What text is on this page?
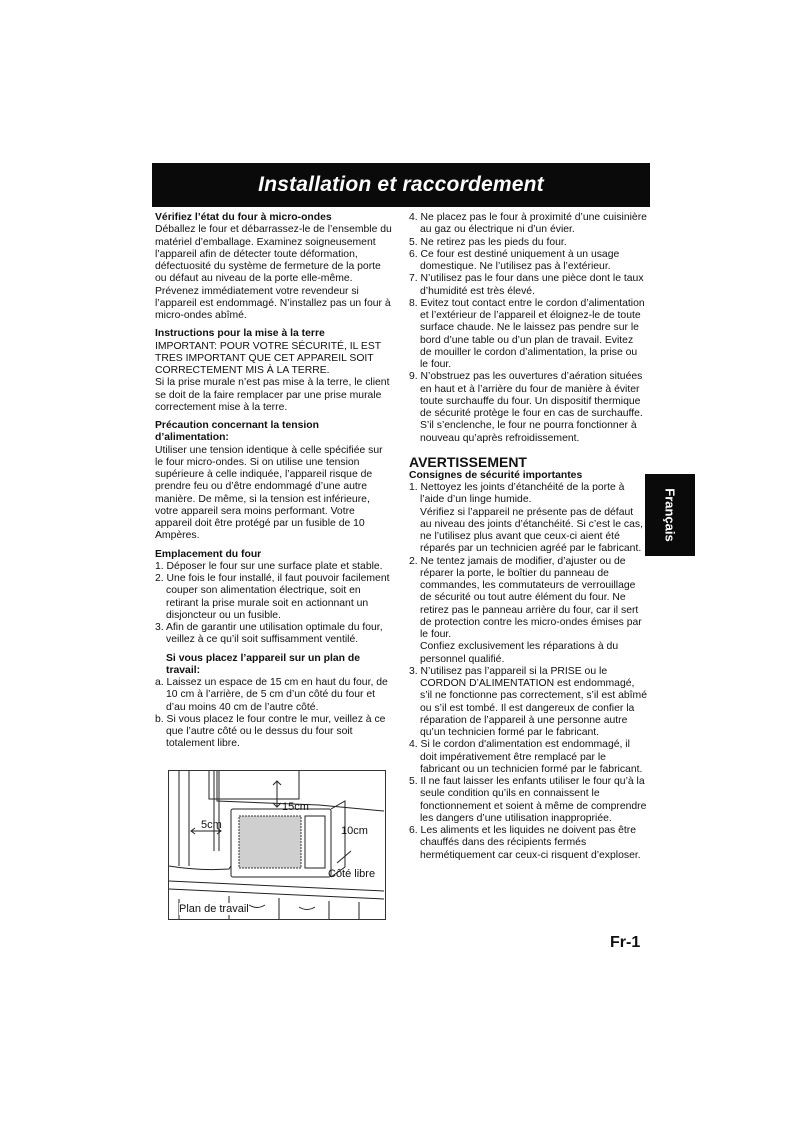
Installation et raccordement

Vérifiez l’état du four à micro-ondes

Déballez le four et débarrassez-le de l’ensemble du matériel d’emballage. Examinez soigneusement l’appareil afin de détecter toute déformation, défectuosité du système de fermeture de la porte ou défaut au niveau de la porte elle-même. Prévenez immédiatement votre revendeur si l’appareil est endommagé. N’installez pas un four à micro-ondes abîmé.

Instructions pour la mise à la terre

IMPORTANT: POUR VOTRE SÉCURITÉ, IL EST TRES IMPORTANT QUE CET APPAREIL SOIT CORRECTEMENT MIS À LA TERRE.

Si la prise murale n’est pas mise à la terre, le client se doit de la faire remplacer par une prise murale correctement mise à la terre.

Précaution concernant la tension d’alimentation:

Utiliser une tension identique à celle spécifiée sur le four micro-ondes. Si on utilise une tension supérieure à celle indiquée, l’appareil risque de prendre feu ou d’être endommagé d’une autre manière. De même, si la tension est inférieure, votre appareil sera moins performant. Votre appareil doit être protégé par un fusible de 10 Ampères.

Emplacement du four

1. Déposer le four sur une surface plate et stable.

2. Une fois le four installé, il faut pouvoir facilement couper son alimentation électrique, soit en retirant la prise murale soit en actionnant un disjoncteur ou un fusible.

3. Afin de garantir une utilisation optimale du four, veillez à ce qu’il soit suffisamment ventilé.

Si vous placez l’appareil sur un plan de travail:

a. Laissez un espace de 15 cm en haut du four, de 10 cm à l’arrière, de 5 cm d’un côté du four et d’au moins 40 cm de l’autre côté.

b. Si vous placez le four contre le mur, veillez à ce que l’autre côté ou le dessus du four soit totalement libre.

15cm
5cm	10cm
Côté libre
Plan de travail

4. Ne placez pas le four à proximité d’une cuisinière au gaz ou électrique ni d’un évier.

5. Ne retirez pas les pieds du four.

6. Ce four est destiné uniquement à un usage domestique. Ne l’utilisez pas à l’extérieur.

7. N’utilisez pas le four dans une pièce dont le taux d’humidité est très élevé.

8. Evitez tout contact entre le cordon d’alimentation et l’extérieur de l’appareil et éloignez-le de toute surface chaude. Ne le laissez pas pendre sur le bord d’une table ou d’un plan de travail. Evitez de mouiller le cordon d’alimentation, la prise ou le four.

9. N’obstruez pas les ouvertures d’aération situées en haut et à l’arrière du four de manière à éviter toute surchauffe du four. Un dispositif thermique de sécurité protège le four en cas de surchauffe. S’il s’enclenche, le four ne pourra fonctionner à nouveau qu’après refroidissement.

AVERTISSEMENT

Consignes de sécurité importantes

1. Nettoyez les joints d’étanchéité de la porte à l’aide d’un linge humide.
Vérifiez si l’appareil ne présente pas de défaut au niveau des joints d’étanchéité. Si c’est le cas, ne l’utilisez plus avant que ceux-ci aient été réparés par un technicien agréé par le fabricant.

2. Ne tentez jamais de modifier, d’ajuster ou de réparer la porte, le boîtier du panneau de commandes, les commutateurs de verrouillage de sécurité ou tout autre élément du four. Ne retirez pas le panneau arrière du four, car il sert de protection contre les micro-ondes émises par le four.
Confiez exclusivement les réparations à du personnel qualifié.

3. N’utilisez pas l’appareil si la PRISE ou le CORDON D’ALIMENTATION est endommagé, s’il ne fonctionne pas correctement, s’il est abîmé ou s’il est tombé. Il est dangereux de confier la réparation de l’appareil à une personne autre qu’un technicien formé par le fabricant.

4. Si le cordon d'alimentation est endommagé, il doit impérativement être remplacé par le fabricant ou un technicien formé par le fabricant.

5. Il ne faut laisser les enfants utiliser le four qu’à la seule condition qu’ils en connaissent le fonctionnement et soient à même de comprendre les dangers d’une utilisation inappropriée.

6. Les aliments et les liquides ne doivent pas être chauffés dans des récipients fermés hermétiquement car ceux-ci risquent d’exploser.

Français
Fr-1
